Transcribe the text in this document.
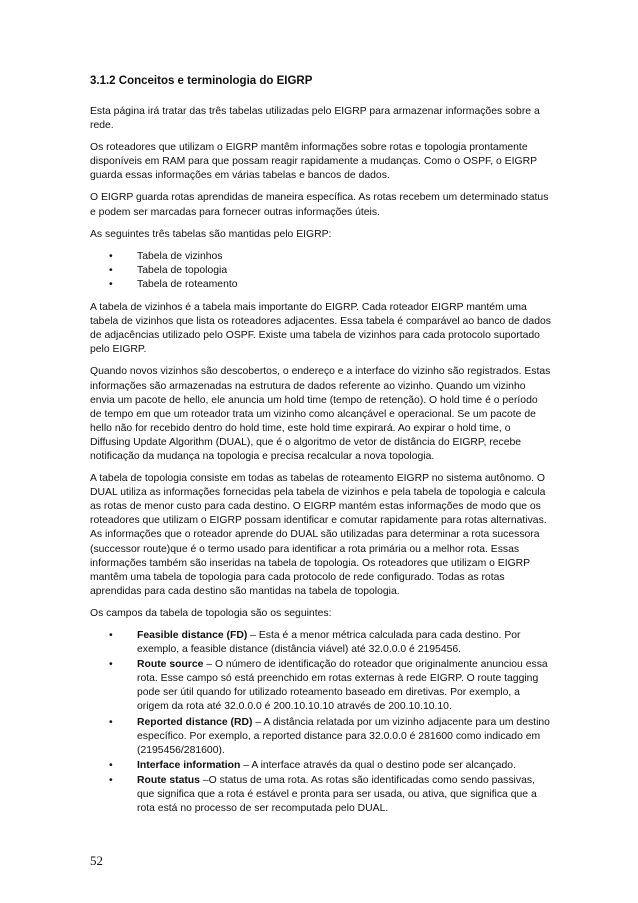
3.1.2 Conceitos e terminologia do EIGRP

Esta página irá tratar das três tabelas utilizadas pelo EIGRP para armazenar informações sobre a rede.

Os roteadores que utilizam o EIGRP mantêm informações sobre rotas e topologia prontamente disponíveis em RAM para que possam reagir rapidamente a mudanças. Como o OSPF, o EIGRP guarda essas informações em várias tabelas e bancos de dados.

O EIGRP guarda rotas aprendidas de maneira específica. As rotas recebem um determinado status e podem ser marcadas para fornecer outras informações úteis.

As seguintes três tabelas são mantidas pelo EIGRP:

• Tabela de vizinhos
• Tabela de topologia
• Tabela de roteamento

A tabela de vizinhos é a tabela mais importante do EIGRP. Cada roteador EIGRP mantém uma tabela de vizinhos que lista os roteadores adjacentes. Essa tabela é comparável ao banco de dados de adjacências utilizado pelo OSPF. Existe uma tabela de vizinhos para cada protocolo suportado pelo EIGRP.

Quando novos vizinhos são descobertos, o endereço e a interface do vizinho são registrados. Estas informações são armazenadas na estrutura de dados referente ao vizinho. Quando um vizinho envia um pacote de hello, ele anuncia um hold time (tempo de retenção). O hold time é o período de tempo em que um roteador trata um vizinho como alcançável e operacional. Se um pacote de hello não for recebido dentro do hold time, este hold time expirará. Ao expirar o hold time, o Diffusing Update Algorithm (DUAL), que é o algoritmo de vetor de distância do EIGRP, recebe notificação da mudança na topologia e precisa recalcular a nova topologia.

A tabela de topologia consiste em todas as tabelas de roteamento EIGRP no sistema autônomo. O DUAL utiliza as informações fornecidas pela tabela de vizinhos e pela tabela de topologia e calcula as rotas de menor custo para cada destino. O EIGRP mantém estas informações de modo que os roteadores que utilizam o EIGRP possam identificar e comutar rapidamente para rotas alternativas. As informações que o roteador aprende do DUAL são utilizadas para determinar a rota sucessora (successor route)que é o termo usado para identificar a rota primária ou a melhor rota. Essas informações também são inseridas na tabela de topologia. Os roteadores que utilizam o EIGRP mantêm uma tabela de topologia para cada protocolo de rede configurado. Todas as rotas aprendidas para cada destino são mantidas na tabela de topologia.

Os campos da tabela de topologia são os seguintes:

• Feasible distance (FD) – Esta é a menor métrica calculada para cada destino. Por exemplo, a feasible distance (distância viável) até 32.0.0.0 é 2195456.
• Route source – O número de identificação do roteador que originalmente anunciou essa rota. Esse campo só está preenchido em rotas externas à rede EIGRP. O route tagging pode ser útil quando for utilizado roteamento baseado em diretivas. Por exemplo, a origem da rota até 32.0.0.0 é 200.10.10.10 através de 200.10.10.10.
• Reported distance (RD) – A distância relatada por um vizinho adjacente para um destino específico. Por exemplo, a reported distance para 32.0.0.0 é 281600 como indicado em (2195456/281600).
• Interface information – A interface através da qual o destino pode ser alcançado.
• Route status –O status de uma rota. As rotas são identificadas como sendo passivas, que significa que a rota é estável e pronta para ser usada, ou ativa, que significa que a rota está no processo de ser recomputada pelo DUAL.
52
